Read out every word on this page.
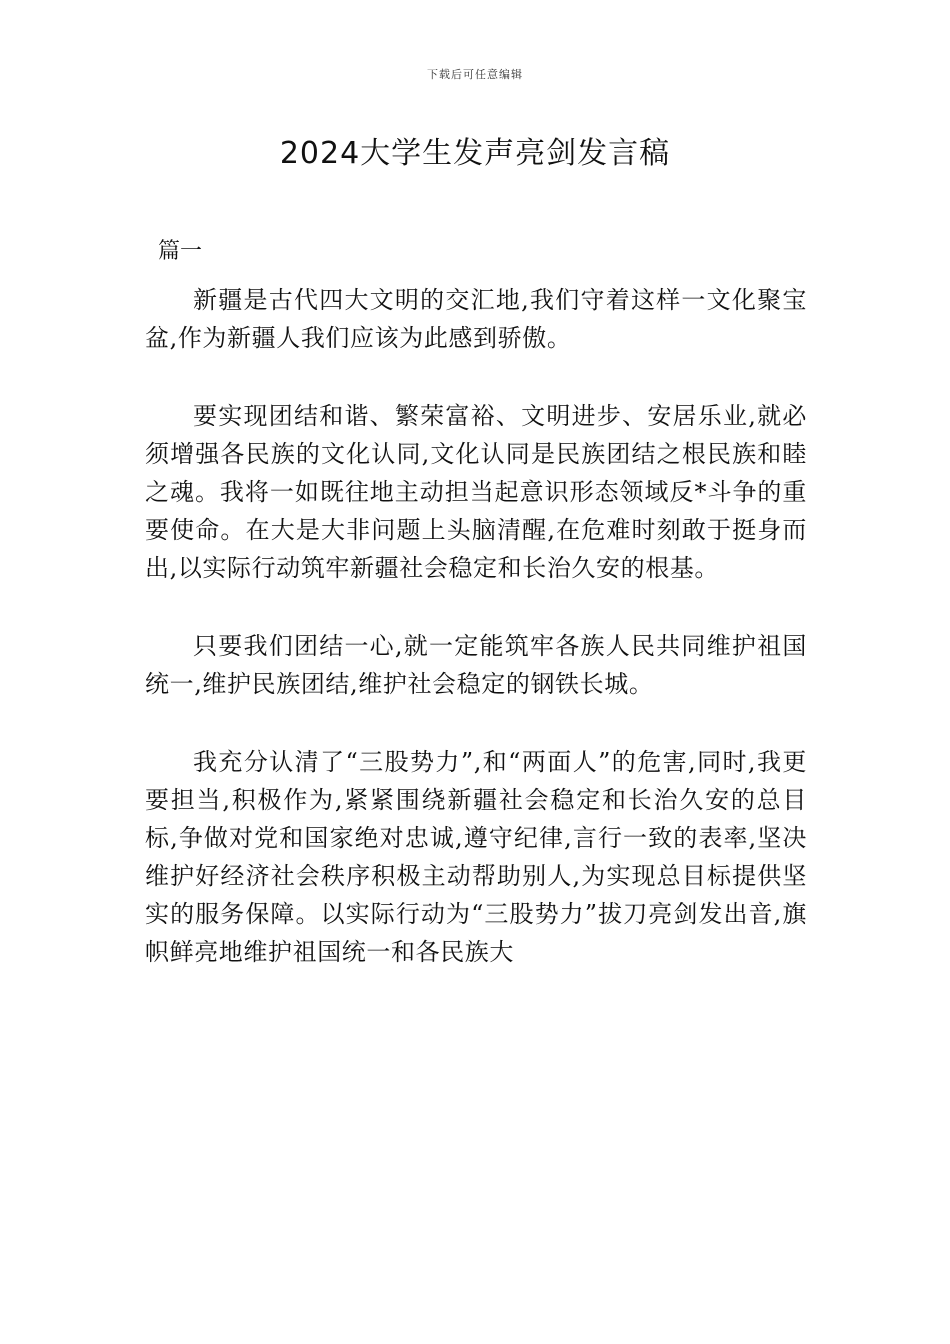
下载后可任意编辑
2024大学生发声亮剑发言稿

篇一

新疆是古代四大文明的交汇地,我们守着这样一文化聚宝盆,作为新疆人我们应该为此感到骄傲。

要实现团结和谐、繁荣富裕、文明进步、安居乐业,就必须增强各民族的文化认同,文化认同是民族团结之根民族和睦之魂。我将一如既往地主动担当起意识形态领域反*斗争的重要使命。在大是大非问题上头脑清醒,在危难时刻敢于挺身而出,以实际行动筑牢新疆社会稳定和长治久安的根基。

只要我们团结一心,就一定能筑牢各族人民共同维护祖国统一,维护民族团结,维护社会稳定的钢铁长城。

我充分认清了“三股势力”,和“两面人”的危害,同时,我更要担当,积极作为,紧紧围绕新疆社会稳定和长治久安的总目标,争做对党和国家绝对忠诚,遵守纪律,言行一致的表率,坚决维护好经济社会秩序积极主动帮助别人,为实现总目标提供坚实的服务保障。以实际行动为“三股势力”拔刀亮剑发出音,旗帜鲜亮地维护祖国统一和各民族大
